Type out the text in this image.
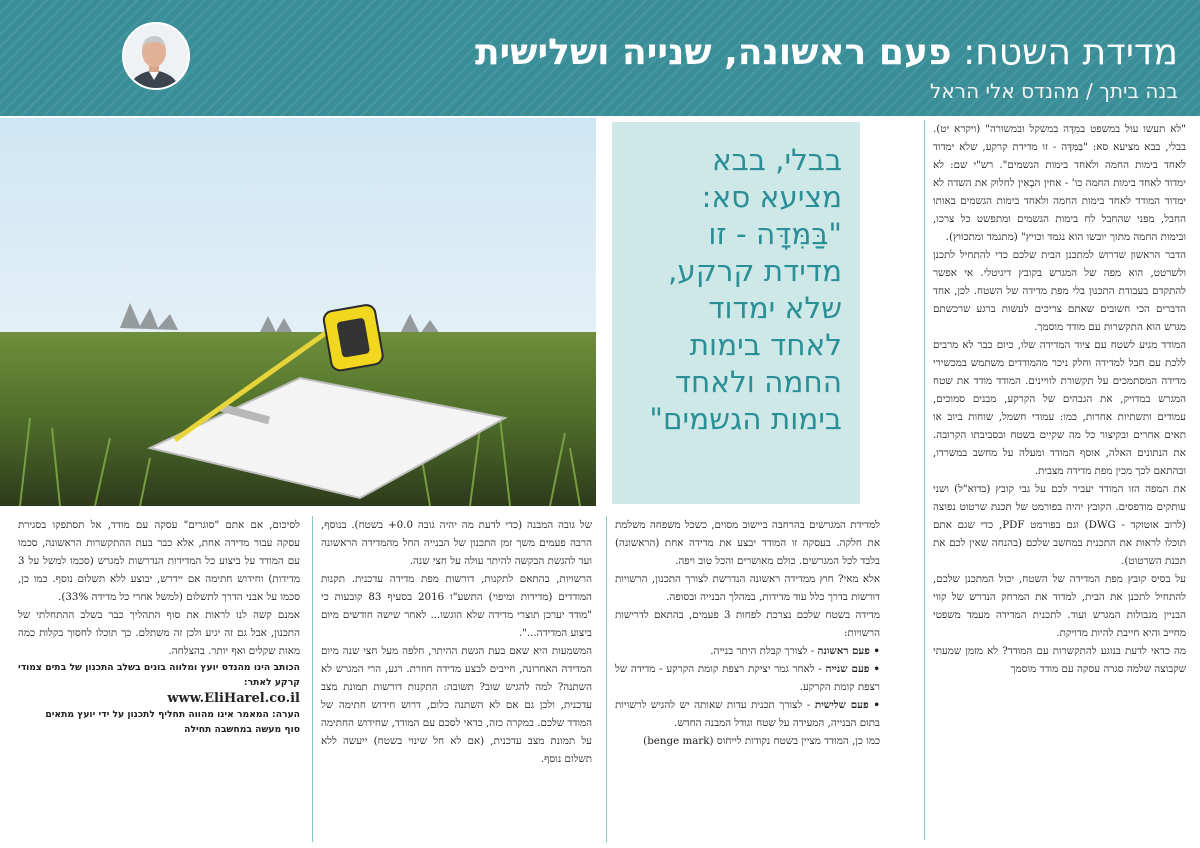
מדידת השטח: פעם ראשונה, שנייה ושלישית
בנה ביתך / מהנדס אלי הראל
בבלי, בבא מציעא סא: "בַּמִּדָּה - זו מדידת קרקע, שלא ימדוד לאחד בימות החמה ולאחד בימות הגשמים"

"לא תעשו עול במשפט במִדָּה במשקל ובמשורה" (ויקרא יט). בבלי, בבא מציעא סא: "בַּמִּדָּה - זו מדידת קרקע, שלא ימדוד לאחד בימות החמה ולאחד בימות הגשמים". רש"י שם: לא ימדוד לאחד בימות החמה כו' - אחין הבָאִין לחלוק את השדה לא ימדוד המודד לאחד בימות החמה ולאחד בימות הגשמים באותו החבל, מפני שהחבל לח בימות הגשמים ומתפשט כל צרכו, ובימות החמה מתוך יובשו הוא נגמד וכויץ" (מתגמד ומתכווץ).

הדבר הראשון שדרוש למתכנן הבית שלכם כדי להתחיל לתכנן ולשרטט, הוא מפה של המגרש בקובץ דיגיטלי. אי אפשר להתקדם בעבודת התכנון בלי מפת מדידה של השטח. לכן, אחד הדברים הכי חשובים שאתם צריכים לעשות ברגע שרכשתם מגרש הוא התקשרות עם מודד מוסמך.

המודד מגיע לשטח עם ציוד המדידה שלו, כיום כבר לא מרבים ללכת עם חבל למדידה וחלק ניכר מהמודדים משתמש במכשירי מדידה המסתמכים על תקשורת לוויינים. המודד מודד את שטח המגרש במדויק, את הגבהים של הקרקע, מבנים סמוכים, עמודים ותשתיות אחרות, כמו: עמודי חשמל, שוחות ביוב או תאים אחרים ובקיצור כל מה שקיים בשטח ובסביבתו הקרובה. את הנתונים האלה, אוסף המודד ומעלה על מחשב במשרדו, ובהתאם לכך מכין מפת מדידה מצבית.

את המפה הזו המודד יעביר לכם על גבי קובץ (בדוא"ל) ושני עותקים מודפסים. הקובץ יהיה בפורמט של תכנת שרטוט נפוצה (לרוב אוטוקד - DWG) וגם בפורמט PDF, כדי שגם אתם תוכלו לראות את התכנית במחשב שלכם (בהנחה שאין לכם את תכנת השרטוט).

על בסיס קובץ מפת המדידה של השטח, יכול המתכנן שלכם, להתחיל לתכנן את הבית, למדוד את המרחק הנדרש של קווי הבניין מגבולות המגרש ועוד. לתכנית המדידה מעמד משפטי מחייב והיא חייבת להיות מדויקת.

מה כדאי לדעת בנוגע להתקשרות עם המודד? לא מזמן שמעתי שקבוצה שלמה סגרה עסקה עם מודד מוסמך

למדידת המגרשים בהרחבה ביישוב מסוים, כשכל משפחה משלמת את חלקה. בעסקה זו המודד יבצע את מדידה אחת (הראשונה) בלבד לכל המגרשים. כולם מאושרים והכל טוב ויפה.

אלא מאי? חוץ ממדידה ראשונה הנדרשת לצורך התכנון, הרשויות דורשות בדרך כלל עוד מדידות, במהלך הבנייה ובסופה.

מדידה בשטח שלכם נצרכת לפחות 3 פעמים, בהתאם לדרישות הרשויות:

• פעם ראשונה - לצורך קבלת היתר בנייה.

• פעם שנייה - לאחר גמר יציקת רצפת קומת הקרקע - מדידה של רצפת קומת הקרקע.

• פעם שלישית - לצורך תכנית עדות שאותה יש להגיש לרשויות בתום הבנייה, המעידה על שטח וגודל המבנה החדש.

כמו כן, המודד מציין בשטח נקודות לייחוס (benge mark)

של גובה המבנה (כדי לדעת מה יהיה גובה 0.0+ בשטח). בנוסף, הרבה פעמים משך זמן התכנון של הבנייה החל מהמדידה הראשונה ועד להגשת הבקשה להיתר עולה על חצי שנה.

הרשויות, בהתאם לתקנות, דורשות מפת מדידה עדכנית. תקנות המודדים (מדידות ומיפוי) התשע"ו 2016 בסעיף 83 קובעות כי "מודד יערכן תוצרי מדידה שלא הוגשו... לאחר שישה חודשים מיום ביצוע המדידה...".

המשמעות היא שאם בעת הגשת ההיתר, חלפה מעל חצי שנה מיום המדידה האחרונה, חייבים לבצע מדידה חוזרת. רגע, הרי המגרש לא השתנה? למה להגיש שוב? תשובה: התקנות דורשות תמונת מצב עדכנית, ולכן גם אם לא השתנה כלום, דרוש חידוש חתימה של המודד שלכם. במקרה כזה, כדאי לסכם עם המודד, שחידוש החתימה על תמונת מצב עדכנית, (אם לא חל שינוי בשטח) ייעשה ללא תשלום נוסף.

לסיכום, אם אתם "סוגרים" עסקה עם מודד, אל תסתפקו בסגירת עסקה עבור מדידה אחת, אלא כבר בעת ההתקשרות הראשונה, סכמו עם המודד על ביצוע כל המדידות הנדרשות למגרש (סכמו למשל על 3 מדידות) וחידוש חתימה אם יידרש, יבוצע ללא תשלום נוסף. כמו כן, סכמו על אבני הדרך לתשלום (למשל אחרי כל מדידה 33%).

אמנם קשה לנו לראות את סוף התהליך כבר בשלב ההתחלתי של התכנון, אבל גם זה יגיע ולכן זה משתלם. כך תוכלו לחסוך בקלות כמה מאות שקלים ואף יותר. בהצלחה.

הכותב הינו מהנדס יועץ ומלווה בונים בשלב התכנון של בתים צמודי קרקע לאתר:
www.EliHarel.co.il
הערה: המאמר אינו מהווה תחליף לתכנון על ידי יועץ מתאים
סוף מעשה במחשבה תחילה
